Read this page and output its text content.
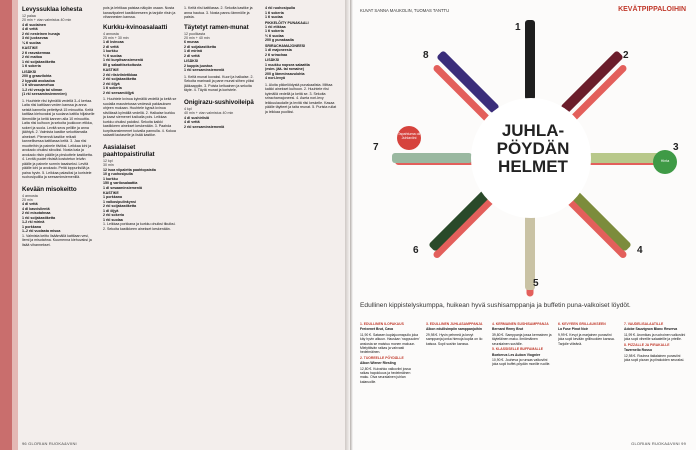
Levyssuklaa lohesta
12 palaa
20 min + vian valmistus 40 min
4 dl suolainen
4 dl vettä
2 rkl nesteinen hunaja
3 rkl juoksevaa
¼ tl suolaa
KASTIKE
2 tl rasvakermaa
2 rkl maitoa
1 rkl soijakastiketta
1 tl sokeria
LISÄKSI
200 g graavilohta
2 kypsää avokadoa
1 tl sitruunamehua
1-2 rkl vesoja tai siiman
(1 rkl seesaminsiemenien)

1. Huuhtele riisi kylmällä vedellä 3–4 kertaa. Laita riisi kattilaan veden kanssa ja anna seistä kannella peitettynä 15 minuuttia. Keitä kattilaa kiehuvaksi ja suolana kattila hiljaiselle lämmölle ja keitä kannen alla 10 minuuttia. Laita riisi kulhoon ja sekoita joukkoon etikka, sokeri ja suola. Levitä seos pellille ja anna jäähtyä. 2. Valmista kastike sekoittamalla ainekset. Pienennä kastike reilusti kannellisessa kattilassa keitä. 3. Jaa riisi muotteihin ja painele tiiviiksi. Leikkaa lohi ja avokado ohuiksi siivuiksi. Nosta kala ja avokado riisin päälle ja pirskottele kastiketta. 4. Levitä puolet riisistä kostutetun leivän päälle ja painele sormin tasaiseksi. Levitä päälle lohi ja avokado. Peitä loppuriisillä ja paina hyvin. 5. Leikkaa palasiksi ja koristele ruohosipulilla ja seesaminsiemenillä.

Kevään misokeitto
4 annosta
20 min
4 dl vettä
4 dl kasvislientä
2 rkl misotahnaa
1 rkl soijakastiketta
1-2 rkl mirinä
1 porkkana
1–2 rkl vuolasta misoa

1. Valmista keitto lisäämällä kattilaan vesi, liemi ja misotahna. Kuumenna kiehuvaksi ja lisää vihannekset.

pois ja lehtikaa paistaa näkyän osaan. Nosta kanaviipaleet kastikkeeseen ja tarjoile riisin ja vihannesten kanssa.

Kurkku-kvinoasalaatti
4 annosta
25 min + 30 min
1 dl kvinoaa
2 dl vettä
1 kurkku
½ tl suolaa
1 rkl kurpitsansiemeniä
80 g salaattisekoitusta
KASTIKE
2 rkl riisiviinietikkaa
2 rkl soijakastiketta
2 rkl öljyä
1 tl sokeria
2 rkl seesamiöljyä

1. Huuhtele kvinoa kylmällä vedellä ja keitä se suolalla maustetussa vedessä pakkauksen ohjeen mukaan. Huuhtele kypsä kvinoa siivilässä kylmällä vedellä. 2. Halkaise kurkku ja kaavi siemenet lusikalla pois. Leikkaa kurkku ohuiksi paloiksi. Sekoita kaikki kastikkeen ainekset keskenään. 3. Paahda kurpitsansiemenet kuivalla pannulla. 4. Kokoa salaatti lautaselle ja lisää kastike.

Aasialaiset paahtopaistirullat
12 kpl
30 min
12 isoa viipaletta paahtopaistia
10 g ruohosipulia
1 kurkku
150 g vartiosalaattia
1 dl sesaaminsiemeniä
KASTIKE
1 porkkana
1 valkosipulinkynsi
2 rkl soijakastiketta
1 dl öljyä
2 rkl sokeria
1 rkl suolaa

1. Leikkaa porkkana ja kurkku ohuiksi tikuiksi. 2. Sekoita kastikkeen ainekset keskenään.

1. Keitä riisi kattilassa. 2. Sekoita kastike ja anna hautua. 3. Nosta pannu lämmölle ja paista.

Täytetyt ramen-munat
12 puolikasta
20 min + 40 min
6 munaa
2 dl soijakastiketta
1 dl mirinä
2 dl vettä
LISÄKSI
2 kuppia juustoa
1 rkl seesaminsiemeniä

1. Keitä munat kovaksi. Kuori ja halkaise. 2. Sekoita marinadi ja pane munat siihen yöksi jääkaappiin. 3. Poista keltuainen ja sekoita täyte. 4. Täytä munat ja koristele.

Onigirazu-sushivoileipä
4 kpl
40 min + vian valmistus 40 min
4 dl sushiriisiä
4 dl vettä
2 rkl seesaminsiemeniä
4 rkl ruohosipulia
1 tl sokeria
1 tl suolaa
PIKKELÖITY PUNAKAALI
1 rkl etikkaa
1 tl sokeria
½ tl suolaa
200 g punakaalia
SRIRACHAMAJONEESI
1 dl majoneesia
2 tl srirachaa
LISÄKSI
1 nuukku nopsea salaattia
(esim. jää- tai romaine)
200 g lämminsavulohta
4 nori-levyä

1. Aloita pikkelöidystä punakaalista. Mittaa kaikki ainekset kulhoon. 2. Huuhtele riisi kylmällä vedellä ja keitä se. 3. Sekoita srirachamajoneesi. 4. Aseta nori-levy leikkuulaudalle ja levitä riisi keskelle. Kasaa päälle täytteet ja taita reunat. 5. Purista rullat ja leikkaa puoliksi.

96 GLORIAN RUOKA&VIINI
KUVAT SANNA MAUKOLIN, TUOMAS TANTTU	KEVÄTPIPPALOIHIN
JUHLA-PÖYDÄN HELMET
1
2
3
4
5
6
7
8
Tapahtuma oli Juhlaviini
Hinta
Edullinen kippistelyskumppa, huikean hyvä sushisamppanja ja buffetin puna-valkoiset löydöt.

1. EDULLINEN ILOPAKAUS

Freixenet Brut, Cava

11,90 €. Satasen kuplajuomapullo joka käy hyvin alkuun. Hauskan 'nappuuden' ansiosta se maistuu monen makuun. Mielyttävän raikas ja vahvasti hedelmäinen.

2. TUOREELLE PÖYDÄLLE

Alkon Wiener Riesling

12,80 €. Kuivahko valkoviini jossa raikas hapokkuus ja hedelmäinen maku. Oiva seuralainen juhlan kalaruoille.

3. EDULLINEN JUHLASAMPPANJA

Alkon edullisimpiin samppanjoihin

29,98 €. Hyvin pehmeä ja kevyt samppanja jonka hienoja kuplia on ilo katsoa. Sopii sushin kanssa.

4. KERMAINEN SUSHISAMPPANJA

Bernard Remy Brut

39,80 €. Samppanja jossa kermainen ja täyteläinen maku. Ilmiömäinen seuralainen sushille.

5. KLASSISELLE BUFFAMALLE

Boekerus Les Aubon Viognier

10,90 €. Jouheva ja runsas valkoviini joka sopii buffet-pöydän monille ruoille.

6. KEVYEEN GRILLAUKSEEN

La Fuse Pinot Noir

9,99 €. Kevyt ja marjainen punaviini joka sopii kevään grilliruokien kanssa. Tarjoile viileänä.

7. VAUDELISALAATILLE

Adobe Sauvignon Blanc Reserva

11,99 €. Aromikas ja ruohoinen valkoviini joka sopii vihreille salaateille ja yrteille.

8. PIZZALLE JA PIRAKALLE

Tavernello Rosso

12,98 €. Rouhea italialainen punaviini joka sopii pizzan ja piirakoiden seuraksi.

GLORIAN RUOKA&VIINI 99
